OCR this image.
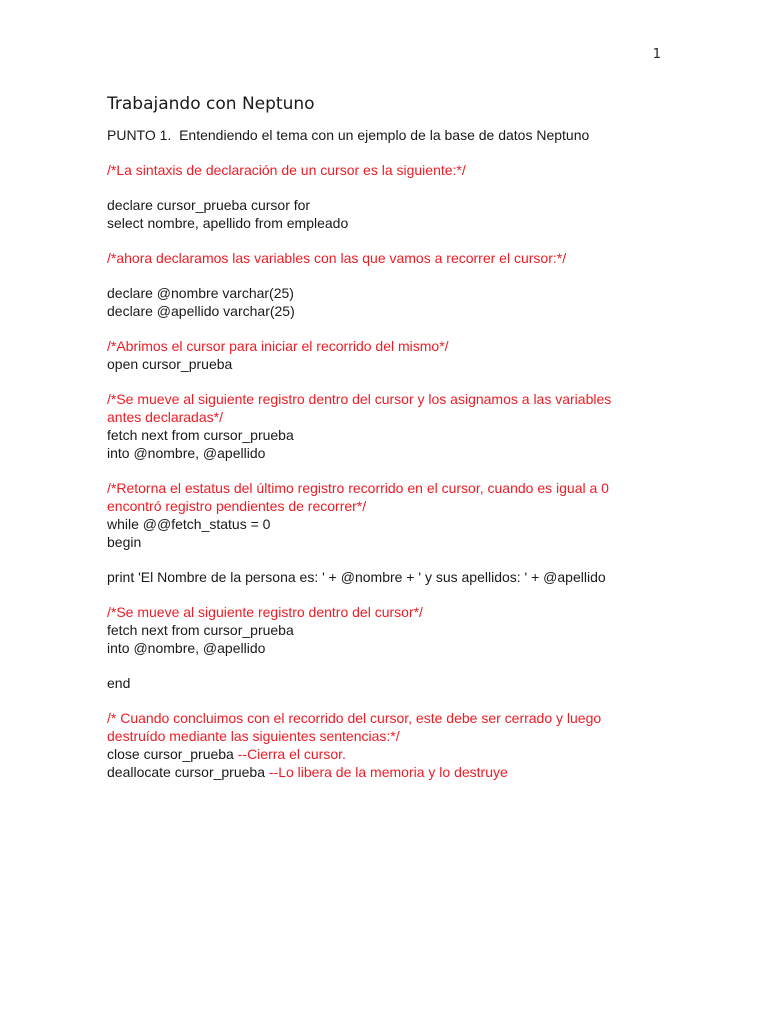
1
Trabajando con Neptuno

PUNTO 1.  Entendiendo el tema con un ejemplo de la base de datos Neptuno

/*La sintaxis de declaración de un cursor es la siguiente:*/

declare cursor_prueba cursor for

select nombre, apellido from empleado

/*ahora declaramos las variables con las que vamos a recorrer el cursor:*/

declare @nombre varchar(25)

declare @apellido varchar(25)

/*Abrimos el cursor para iniciar el recorrido del mismo*/

open cursor_prueba

/*Se mueve al siguiente registro dentro del cursor y los asignamos a las variables

antes declaradas*/

fetch next from cursor_prueba

into @nombre, @apellido

/*Retorna el estatus del último registro recorrido en el cursor, cuando es igual a 0

encontró registro pendientes de recorrer*/

while @@fetch_status = 0

begin

print 'El Nombre de la persona es: ' + @nombre + ' y sus apellidos: ' + @apellido

/*Se mueve al siguiente registro dentro del cursor*/

fetch next from cursor_prueba

into @nombre, @apellido

end

/* Cuando concluimos con el recorrido del cursor, este debe ser cerrado y luego

destruído mediante las siguientes sentencias:*/

close cursor_prueba --Cierra el cursor.

deallocate cursor_prueba --Lo libera de la memoria y lo destruye
